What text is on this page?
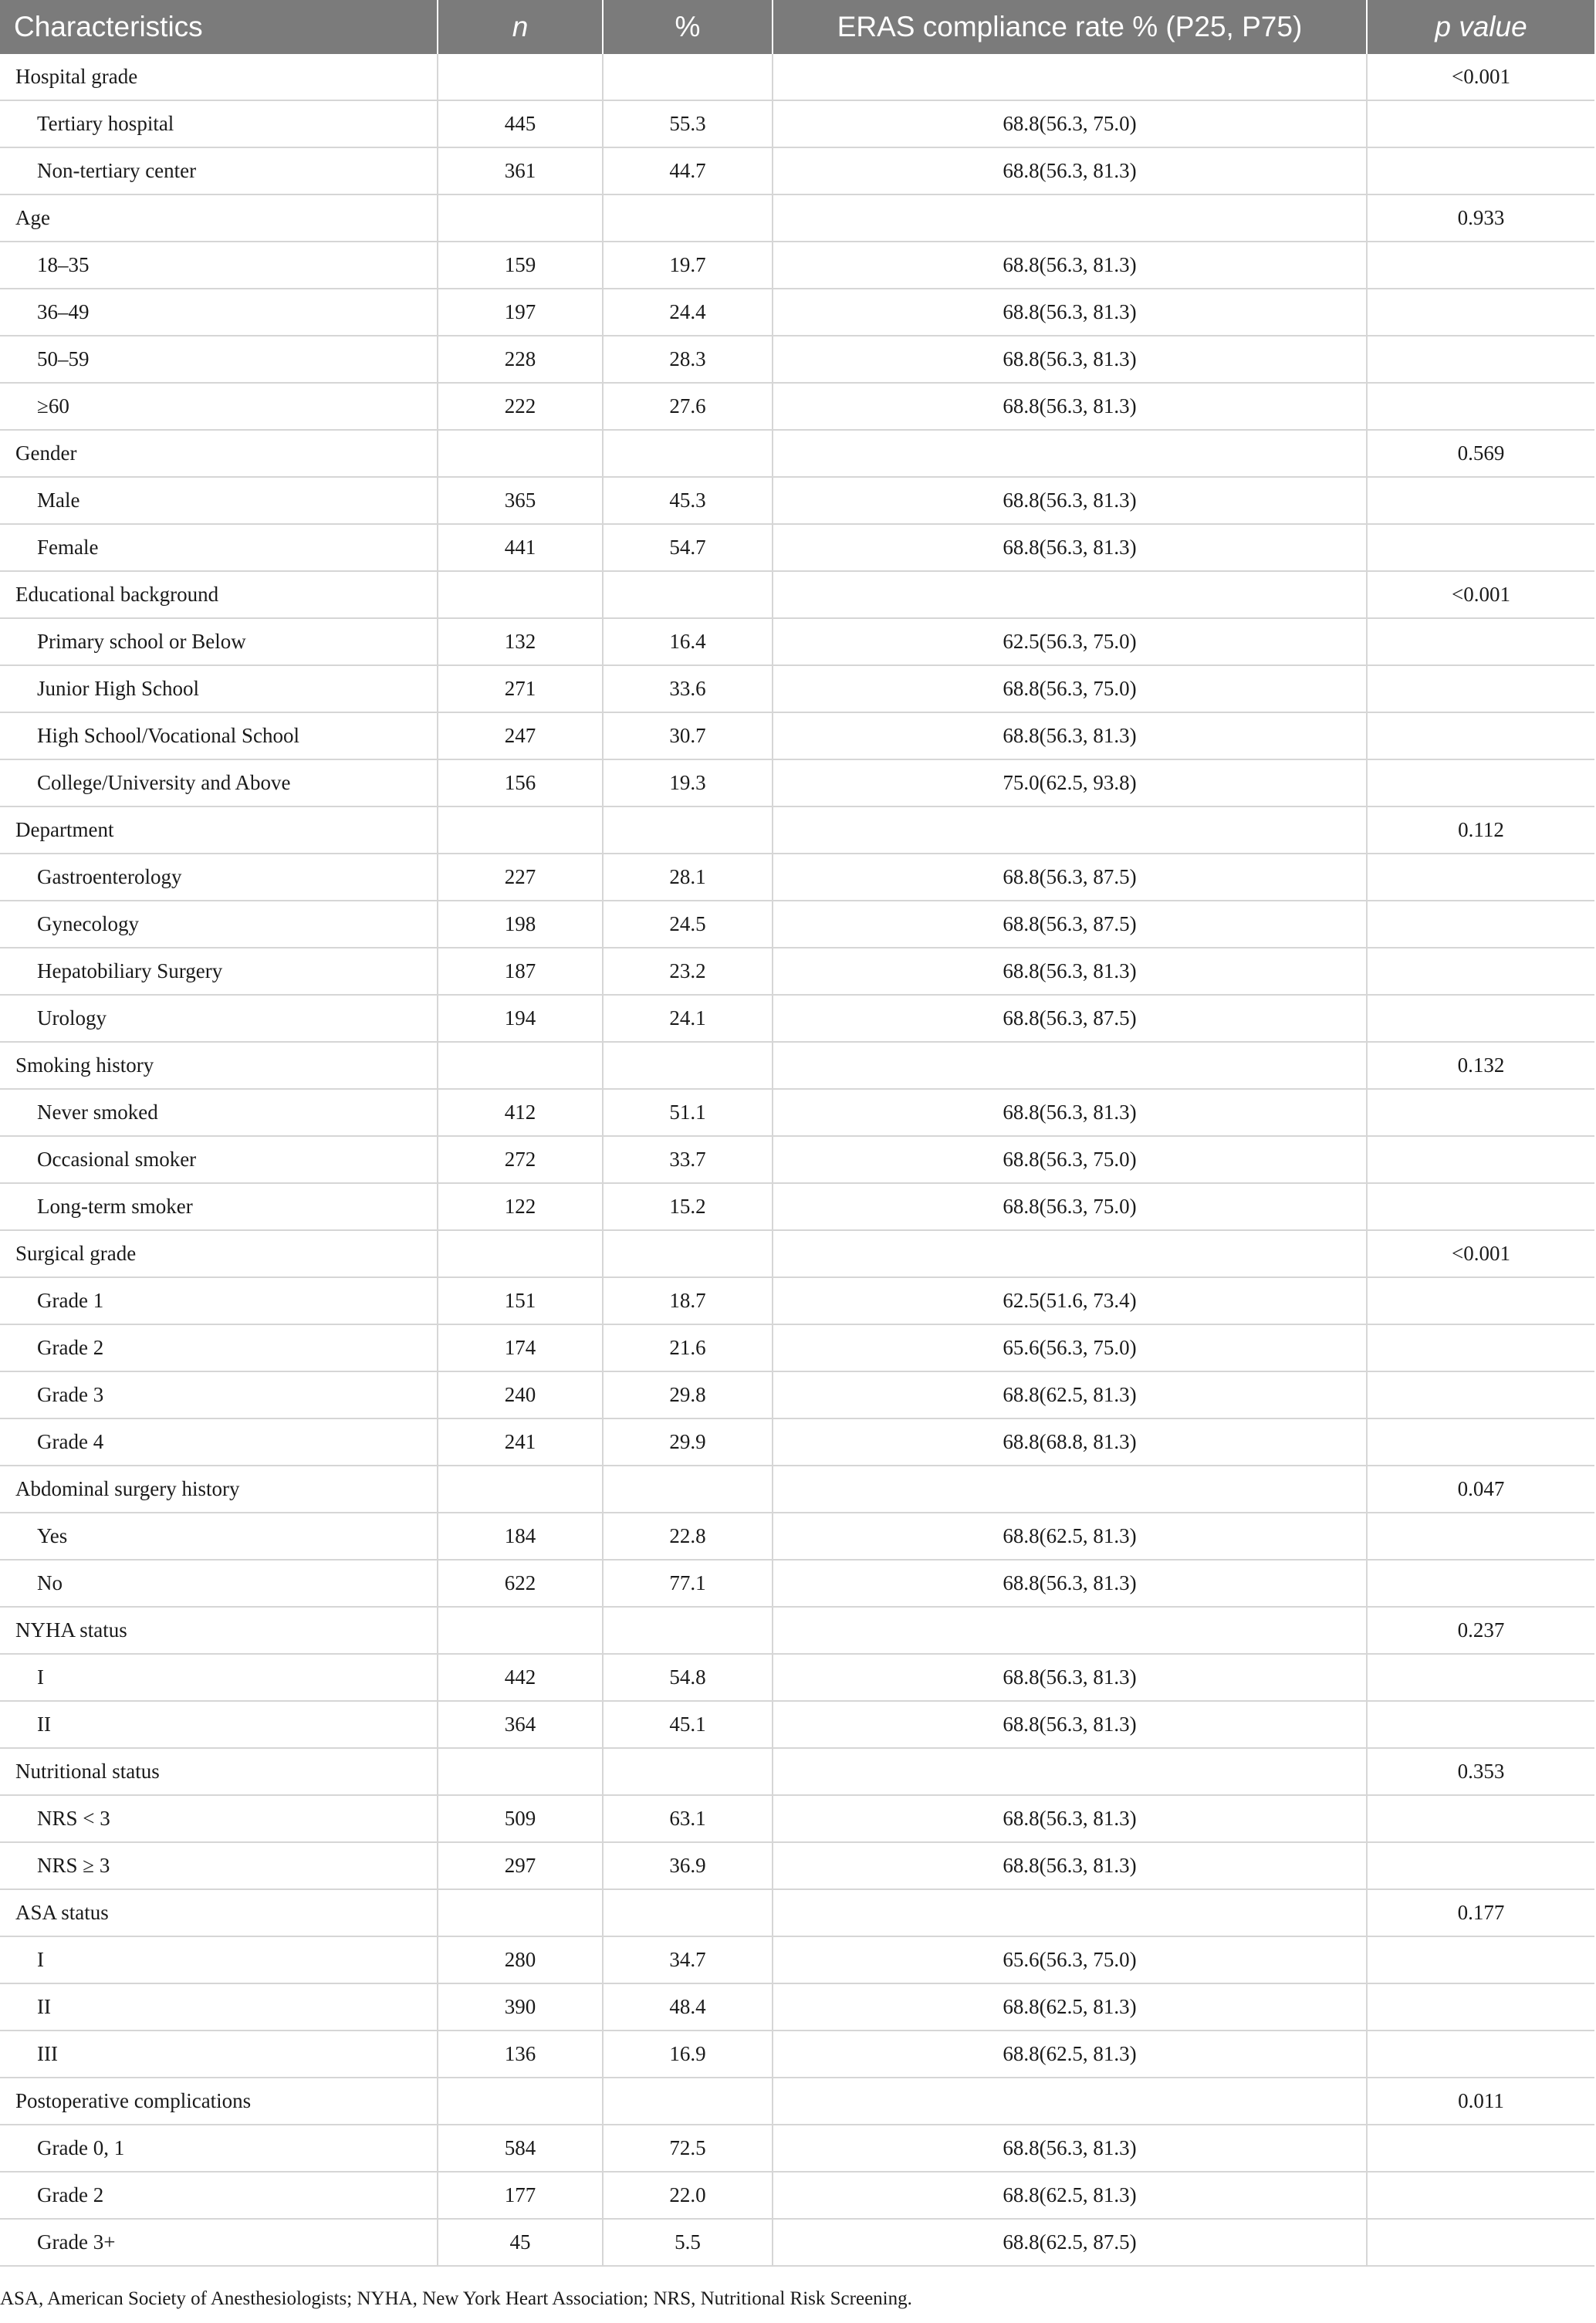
Characteristics	n	%	ERAS compliance rate % (P25, P75)	p value
Hospital grade				<0.001
Tertiary hospital	445	55.3	68.8(56.3, 75.0)	
Non-tertiary center	361	44.7	68.8(56.3, 81.3)	
Age				0.933
18–35	159	19.7	68.8(56.3, 81.3)	
36–49	197	24.4	68.8(56.3, 81.3)	
50–59	228	28.3	68.8(56.3, 81.3)	
≥60	222	27.6	68.8(56.3, 81.3)	
Gender				0.569
Male	365	45.3	68.8(56.3, 81.3)	
Female	441	54.7	68.8(56.3, 81.3)	
Educational background				<0.001
Primary school or Below	132	16.4	62.5(56.3, 75.0)	
Junior High School	271	33.6	68.8(56.3, 75.0)	
High School/Vocational School	247	30.7	68.8(56.3, 81.3)	
College/University and Above	156	19.3	75.0(62.5, 93.8)	
Department				0.112
Gastroenterology	227	28.1	68.8(56.3, 87.5)	
Gynecology	198	24.5	68.8(56.3, 87.5)	
Hepatobiliary Surgery	187	23.2	68.8(56.3, 81.3)	
Urology	194	24.1	68.8(56.3, 87.5)	
Smoking history				0.132
Never smoked	412	51.1	68.8(56.3, 81.3)	
Occasional smoker	272	33.7	68.8(56.3, 75.0)	
Long-term smoker	122	15.2	68.8(56.3, 75.0)	
Surgical grade				<0.001
Grade 1	151	18.7	62.5(51.6, 73.4)	
Grade 2	174	21.6	65.6(56.3, 75.0)	
Grade 3	240	29.8	68.8(62.5, 81.3)	
Grade 4	241	29.9	68.8(68.8, 81.3)	
Abdominal surgery history				0.047
Yes	184	22.8	68.8(62.5, 81.3)	
No	622	77.1	68.8(56.3, 81.3)	
NYHA status				0.237
I	442	54.8	68.8(56.3, 81.3)	
II	364	45.1	68.8(56.3, 81.3)	
Nutritional status				0.353
NRS < 3	509	63.1	68.8(56.3, 81.3)	
NRS ≥ 3	297	36.9	68.8(56.3, 81.3)	
ASA status				0.177
I	280	34.7	65.6(56.3, 75.0)	
II	390	48.4	68.8(62.5, 81.3)	
III	136	16.9	68.8(62.5, 81.3)	
Postoperative complications				0.011
Grade 0, 1	584	72.5	68.8(56.3, 81.3)	
Grade 2	177	22.0	68.8(62.5, 81.3)	
Grade 3+	45	5.5	68.8(62.5, 87.5)	
ASA, American Society of Anesthesiologists; NYHA, New York Heart Association; NRS, Nutritional Risk Screening.
